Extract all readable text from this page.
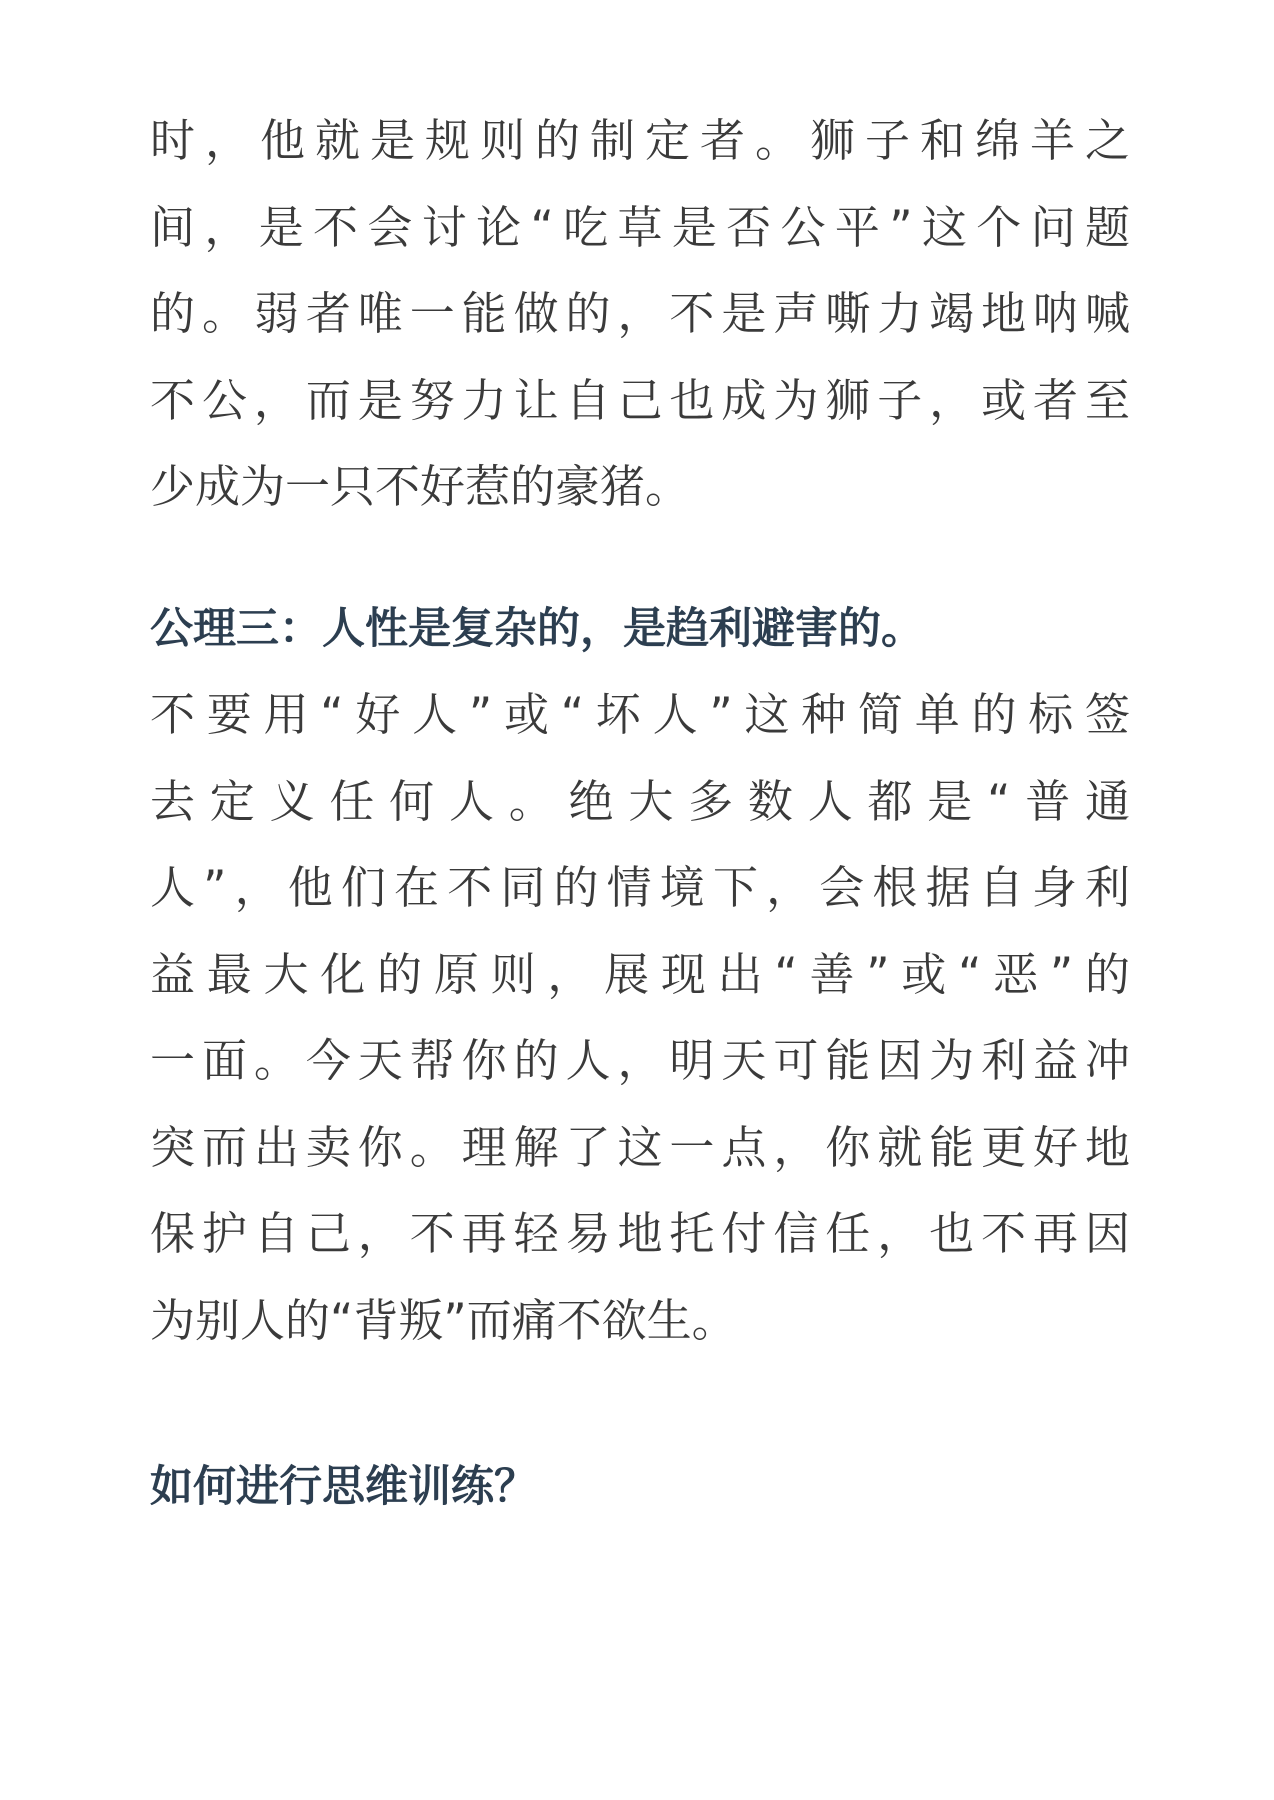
时，他就是规则的制定者。狮子和绵羊之
间，是不会讨论“吃草是否公平”这个问题
的。弱者唯一能做的，不是声嘶力竭地呐喊
不公，而是努力让自己也成为狮子，或者至
少成为一只不好惹的豪猪。
公理三：人性是复杂的，是趋利避害的。
不要用“好人”或“坏人”这种简单的标签
去定义任何人。绝大多数人都是“普通
人”，他们在不同的情境下，会根据自身利
益最大化的原则，展现出“善”或“恶”的
一面。今天帮你的人，明天可能因为利益冲
突而出卖你。理解了这一点，你就能更好地
保护自己，不再轻易地托付信任，也不再因
为别人的“背叛”而痛不欲生。
如何进行思维训练？
